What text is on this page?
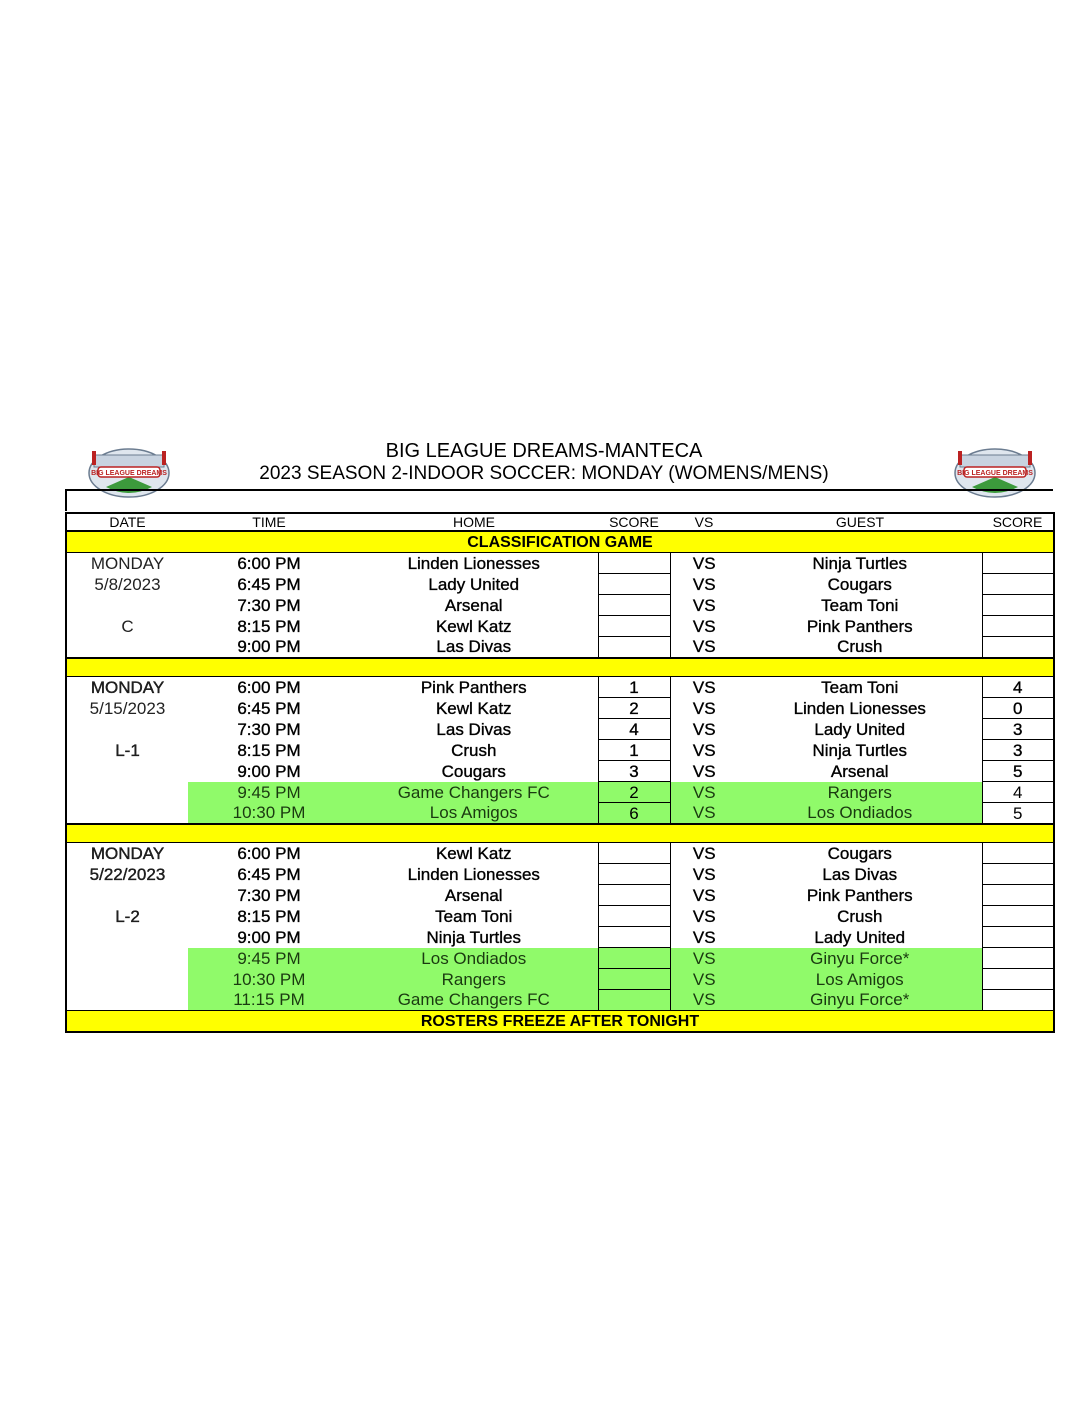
BIG LEAGUE DREAMS	BIG LEAGUE DREAMS
BIG LEAGUE DREAMS-MANTECA
2023 SEASON 2-INDOOR SOCCER: MONDAY (WOMENS/MENS)
DATE	TIME	HOME	SCORE	VS	GUEST	SCORE
CLASSIFICATION GAME						
MONDAY	6:00 PM	Linden Lionesses		VS	Ninja Turtles	
5/8/2023	6:45 PM	Lady United		VS	Cougars	
	7:30 PM	Arsenal		VS	Team Toni	
C	8:15 PM	Kewl Katz		VS	Pink Panthers	
	9:00 PM	Las Divas		VS	Crush	

MONDAY	6:00 PM	Pink Panthers	1	VS	Team Toni	4
5/15/2023	6:45 PM	Kewl Katz	2	VS	Linden Lionesses	0
	7:30 PM	Las Divas	4	VS	Lady United	3
L-1	8:15 PM	Crush	1	VS	Ninja Turtles	3
	9:00 PM	Cougars	3	VS	Arsenal	5
	9:45 PM	Game Changers FC	2	VS	Rangers	4
	10:30 PM	Los Amigos	6	VS	Los Ondiados	5

MONDAY	6:00 PM	Kewl Katz		VS	Cougars	
5/22/2023	6:45 PM	Linden Lionesses		VS	Las Divas	
	7:30 PM	Arsenal		VS	Pink Panthers	
L-2	8:15 PM	Team Toni		VS	Crush	
	9:00 PM	Ninja Turtles		VS	Lady United	
	9:45 PM	Los Ondiados		VS	Ginyu Force*	
	10:30 PM	Rangers		VS	Los Amigos	
	11:15 PM	Game Changers FC		VS	Ginyu Force*	
ROSTERS FREEZE AFTER TONIGHT						
